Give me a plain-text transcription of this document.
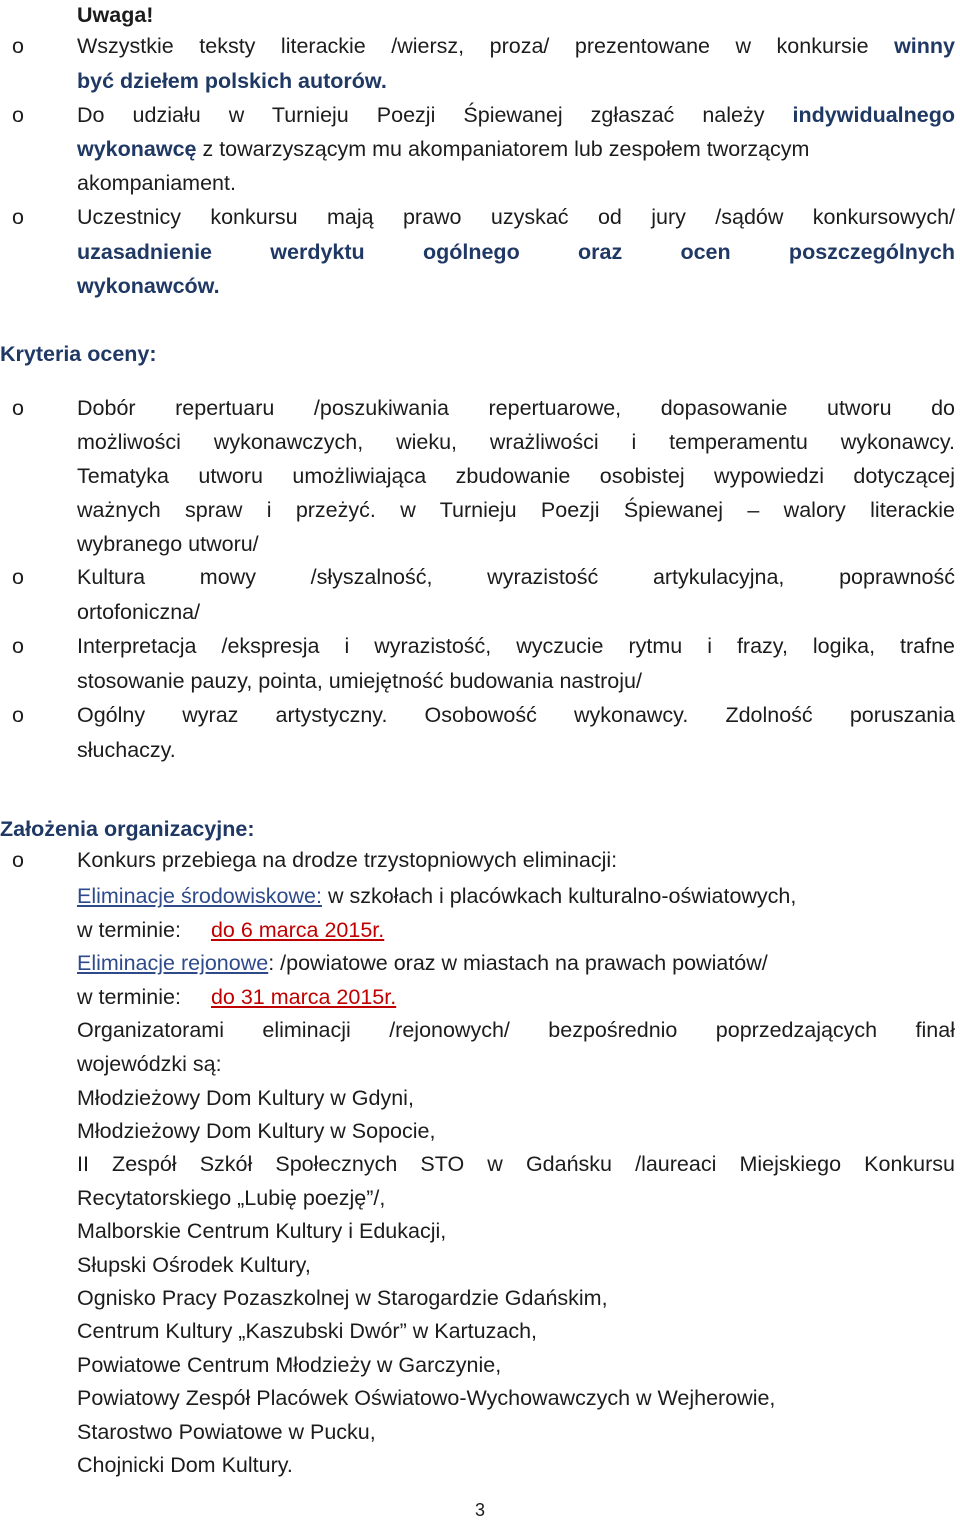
Uwaga!
o Wszystkie teksty literackie /wiersz, proza/ prezentowane w konkursie winny
być dziełem polskich autorów.
o Do udziału w Turnieju Poezji Śpiewanej zgłaszać należy indywidualnego
wykonawcę z towarzyszącym mu akompaniatorem lub zespołem tworzącym
akompaniament.
o Uczestnicy konkursu mają prawo uzyskać od jury /sądów konkursowych/
uzasadnienie werdyktu ogólnego oraz ocen poszczególnych
wykonawców.
Kryteria oceny:
o Dobór repertuaru /poszukiwania repertuarowe, dopasowanie utworu do
możliwości wykonawczych, wieku, wrażliwości i temperamentu wykonawcy.
Tematyka utworu umożliwiająca zbudowanie osobistej wypowiedzi dotyczącej
ważnych spraw i przeżyć. w Turnieju Poezji Śpiewanej – walory literackie
wybranego utworu/
o Kultura mowy /słyszalność, wyrazistość artykulacyjna, poprawność
ortofoniczna/
o Interpretacja /ekspresja i wyrazistość, wyczucie rytmu i frazy, logika, trafne
stosowanie pauzy, pointa, umiejętność budowania nastroju/
o Ogólny wyraz artystyczny. Osobowość wykonawcy. Zdolność poruszania
słuchaczy.
Założenia organizacyjne:
o Konkurs przebiega na drodze trzystopniowych eliminacji:
Eliminacje środowiskowe: w szkołach i placówkach kulturalno-oświatowych,
w terminie: do 6 marca 2015r.
Eliminacje rejonowe: /powiatowe oraz w miastach na prawach powiatów/
w terminie: do 31 marca 2015r.
Organizatorami eliminacji /rejonowych/ bezpośrednio poprzedzających finał
wojewódzki są:
Młodzieżowy Dom Kultury w Gdyni,
Młodzieżowy Dom Kultury w Sopocie,
II Zespół Szkół Społecznych STO w Gdańsku /laureaci Miejskiego Konkursu
Recytatorskiego „Lubię poezję”/,
Malborskie Centrum Kultury i Edukacji,
Słupski Ośrodek Kultury,
Ognisko Pracy Pozaszkolnej w Starogardzie Gdańskim,
Centrum Kultury „Kaszubski Dwór” w Kartuzach,
Powiatowe Centrum Młodzieży w Garczynie,
Powiatowy Zespół Placówek Oświatowo-Wychowawczych w Wejherowie,
Starostwo Powiatowe w Pucku,
Chojnicki Dom Kultury.
3
